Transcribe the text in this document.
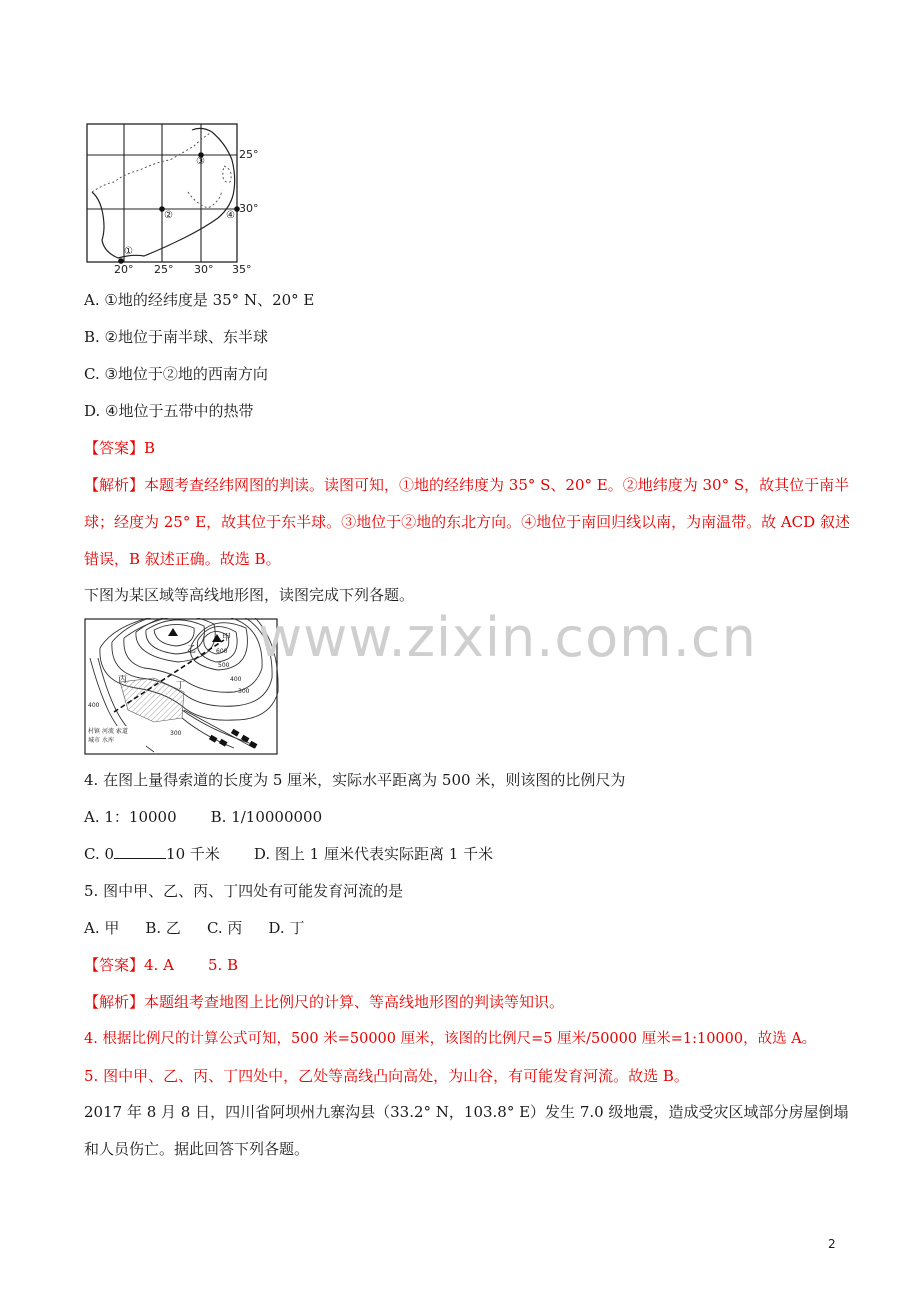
25°
30°
20° 25° 30° 35°
①
②
③
④
A. ①地的经纬度是 35° N、20° E
B. ②地位于南半球、东半球
C. ③地位于②地的西南方向
D. ④地位于五带中的热带
【答案】B
【解析】本题考查经纬网图的判读。读图可知，①地的经纬度为 35° S、20° E。②地纬度为 30° S，故其位于南半球；经度为 25° E，故其位于东半球。③地位于②地的东北方向。④地位于南回归线以南，为南温带。故 ACD 叙述错误，B 叙述正确。故选 B。
下图为某区域等高线地形图，读图完成下列各题。
甲
乙
丙
丁
600
500
400
300
400
300
村镇 河流 索道
城市 水库
www.zixin.com.cn
4. 在图上量得索道的长度为 5 厘米，实际水平距离为 500 米，则该图的比例尺为
A. 1：10000 B. 1/10000000
C. 0	10 千米 D. 图上 1 厘米代表实际距离 1 千米
5. 图中甲、乙、丙、丁四处有可能发育河流的是
A. 甲 B. 乙 C. 丙 D. 丁
【答案】4. A 5. B
【解析】本题组考查地图上比例尺的计算、等高线地形图的判读等知识。
4. 根据比例尺的计算公式可知，500 米=50000 厘米，该图的比例尺=5 厘米/50000 厘米=1:10000，故选 A。
5. 图中甲、乙、丙、丁四处中，乙处等高线凸向高处，为山谷，有可能发育河流。故选 B。
2017 年 8 月 8 日，四川省阿坝州九寨沟县（33.2° N，103.8° E）发生 7.0 级地震，造成受灾区域部分房屋倒塌和人员伤亡。据此回答下列各题。
2
